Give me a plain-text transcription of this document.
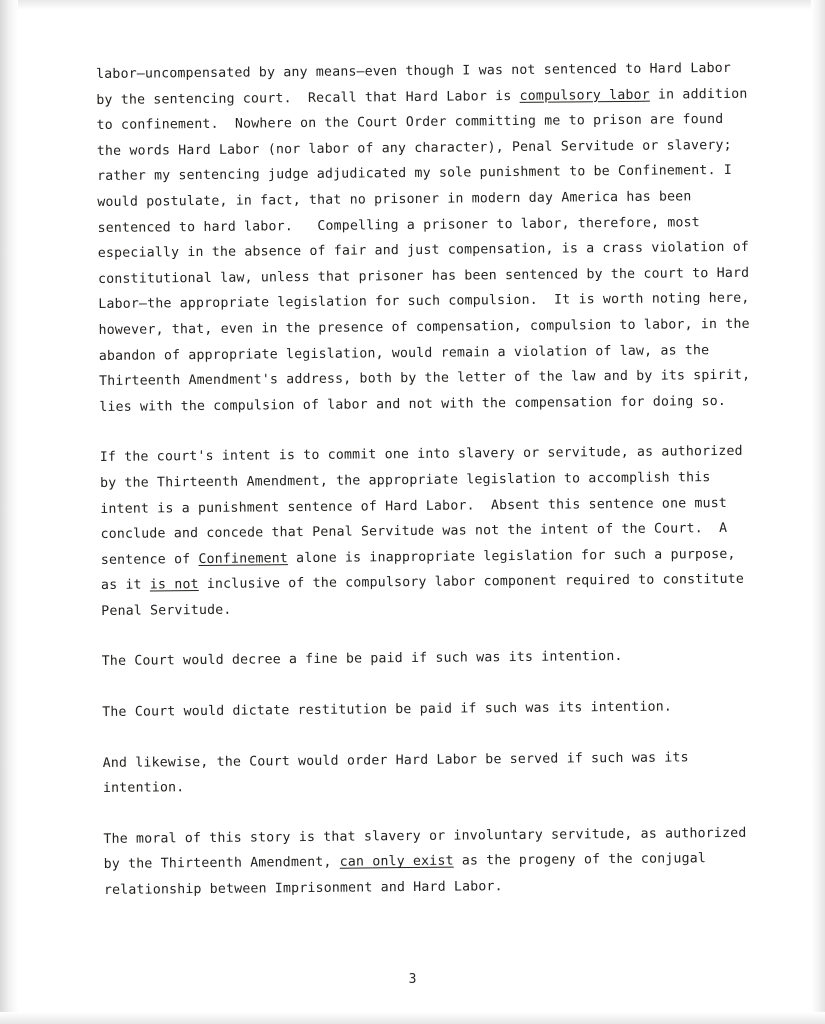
labor—uncompensated by any means—even though I was not sentenced to Hard Labor by the sentencing court.  Recall that Hard Labor is compulsory labor in addition to confinement.  Nowhere on the Court Order committing me to prison are found the words Hard Labor (nor labor of any character), Penal Servitude or slavery; rather my sentencing judge adjudicated my sole punishment to be Confinement. I would postulate, in fact, that no prisoner in modern day America has been sentenced to hard labor.   Compelling a prisoner to labor, therefore, most especially in the absence of fair and just compensation, is a crass violation of constitutional law, unless that prisoner has been sentenced by the court to Hard Labor—the appropriate legislation for such compulsion.  It is worth noting here, however, that, even in the presence of compensation, compulsion to labor, in the abandon of appropriate legislation, would remain a violation of law, as the Thirteenth Amendment's address, both by the letter of the law and by its spirit, lies with the compulsion of labor and not with the compensation for doing so.
If the court's intent is to commit one into slavery or servitude, as authorized by the Thirteenth Amendment, the appropriate legislation to accomplish this intent is a punishment sentence of Hard Labor.  Absent this sentence one must conclude and concede that Penal Servitude was not the intent of the Court.  A sentence of Confinement alone is inappropriate legislation for such a purpose, as it is not inclusive of the compulsory labor component required to constitute Penal Servitude.
The Court would decree a fine be paid if such was its intention.
The Court would dictate restitution be paid if such was its intention.
And likewise, the Court would order Hard Labor be served if such was its intention.
The moral of this story is that slavery or involuntary servitude, as authorized by the Thirteenth Amendment, can only exist as the progeny of the conjugal relationship between Imprisonment and Hard Labor.
3
